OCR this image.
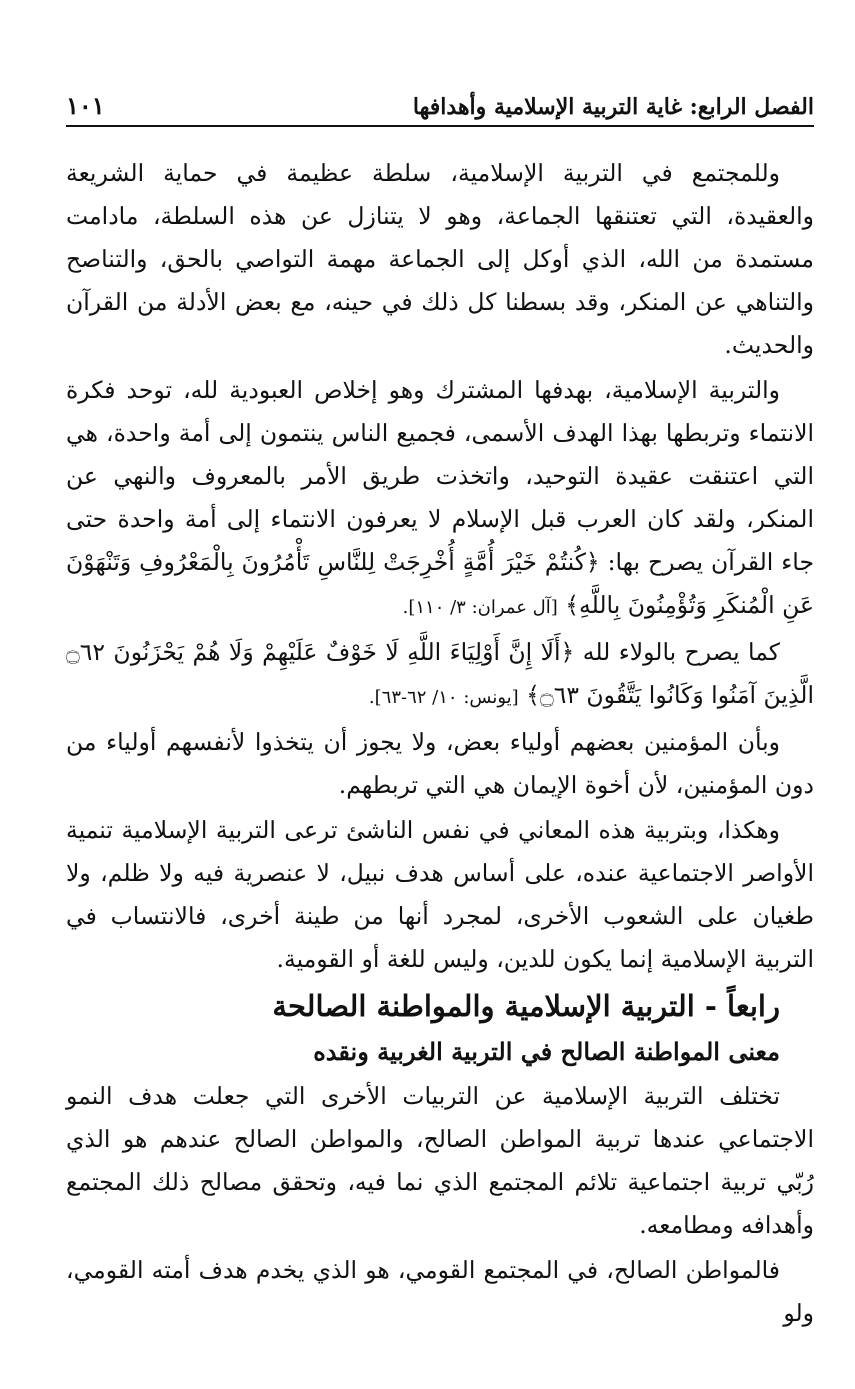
الفصل الرابع: غاية التربية الإسلامية وأهدافها
١٠١

وللمجتمع في التربية الإسلامية، سلطة عظيمة في حماية الشريعة والعقيدة، التي تعتنقها الجماعة، وهو لا يتنازل عن هذه السلطة، مادامت مستمدة من الله، الذي أوكل إلى الجماعة مهمة التواصي بالحق، والتناصح والتناهي عن المنكر، وقد بسطنا كل ذلك في حينه، مع بعض الأدلة من القرآن والحديث.

والتربية الإسلامية، بهدفها المشترك وهو إخلاص العبودية لله، توحد فكرة الانتماء وتربطها بهذا الهدف الأسمى، فجميع الناس ينتمون إلى أمة واحدة، هي التي اعتنقت عقيدة التوحيد، واتخذت طريق الأمر بالمعروف والنهي عن المنكر، ولقد كان العرب قبل الإسلام لا يعرفون الانتماء إلى أمة واحدة حتى جاء القرآن يصرح بها: ﴿كُنتُمْ خَيْرَ أُمَّةٍ أُخْرِجَتْ لِلنَّاسِ تَأْمُرُونَ بِالْمَعْرُوفِ وَتَنْهَوْنَ عَنِ الْمُنكَرِ وَتُؤْمِنُونَ بِاللَّهِ﴾ [آل عمران: ٣/ ١١٠].

كما يصرح بالولاء لله ﴿أَلَا إِنَّ أَوْلِيَاءَ اللَّهِ لَا خَوْفٌ عَلَيْهِمْ وَلَا هُمْ يَحْزَنُونَ ۝٦٢ الَّذِينَ آمَنُوا وَكَانُوا يَتَّقُونَ ۝٦٣﴾ [يونس: ١٠/ ٦٢-٦٣].

وبأن المؤمنين بعضهم أولياء بعض، ولا يجوز أن يتخذوا لأنفسهم أولياء من دون المؤمنين، لأن أخوة الإيمان هي التي تربطهم.

وهكذا، وبتربية هذه المعاني في نفس الناشئ ترعى التربية الإسلامية تنمية الأواصر الاجتماعية عنده، على أساس هدف نبيل، لا عنصرية فيه ولا ظلم، ولا طغيان على الشعوب الأخرى، لمجرد أنها من طينة أخرى، فالانتساب في التربية الإسلامية إنما يكون للدين، وليس للغة أو القومية.

رابعاً - التربية الإسلامية والمواطنة الصالحة

معنى المواطنة الصالح في التربية الغربية ونقده

تختلف التربية الإسلامية عن التربيات الأخرى التي جعلت هدف النمو الاجتماعي عندها تربية المواطن الصالح، والمواطن الصالح عندهم هو الذي رُبّي تربية اجتماعية تلائم المجتمع الذي نما فيه، وتحقق مصالح ذلك المجتمع وأهدافه ومطامعه.

فالمواطن الصالح، في المجتمع القومي، هو الذي يخدم هدف أمته القومي، ولو
